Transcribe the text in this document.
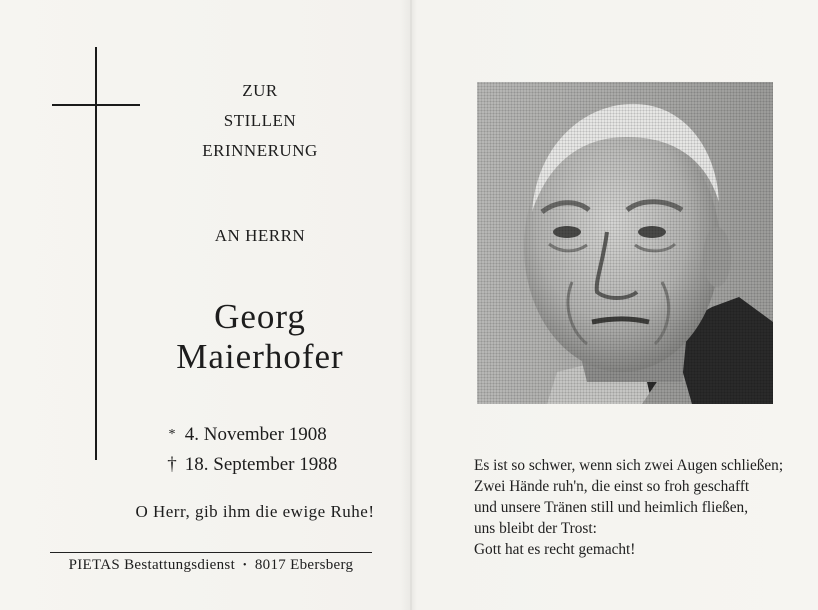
ZUR
STILLEN
ERINNERUNG
AN HERRN
Georg
Maierhofer
* 4. November 1908
† 18. September 1988
O Herr, gib ihm die ewige Ruhe!
PIETAS Bestattungsdienst • 8017 Ebersberg
Es ist so schwer, wenn sich zwei Augen schließen;
Zwei Hände ruh'n, die einst so froh geschafft
und unsere Tränen still und heimlich fließen,
uns bleibt der Trost:
Gott hat es recht gemacht!
